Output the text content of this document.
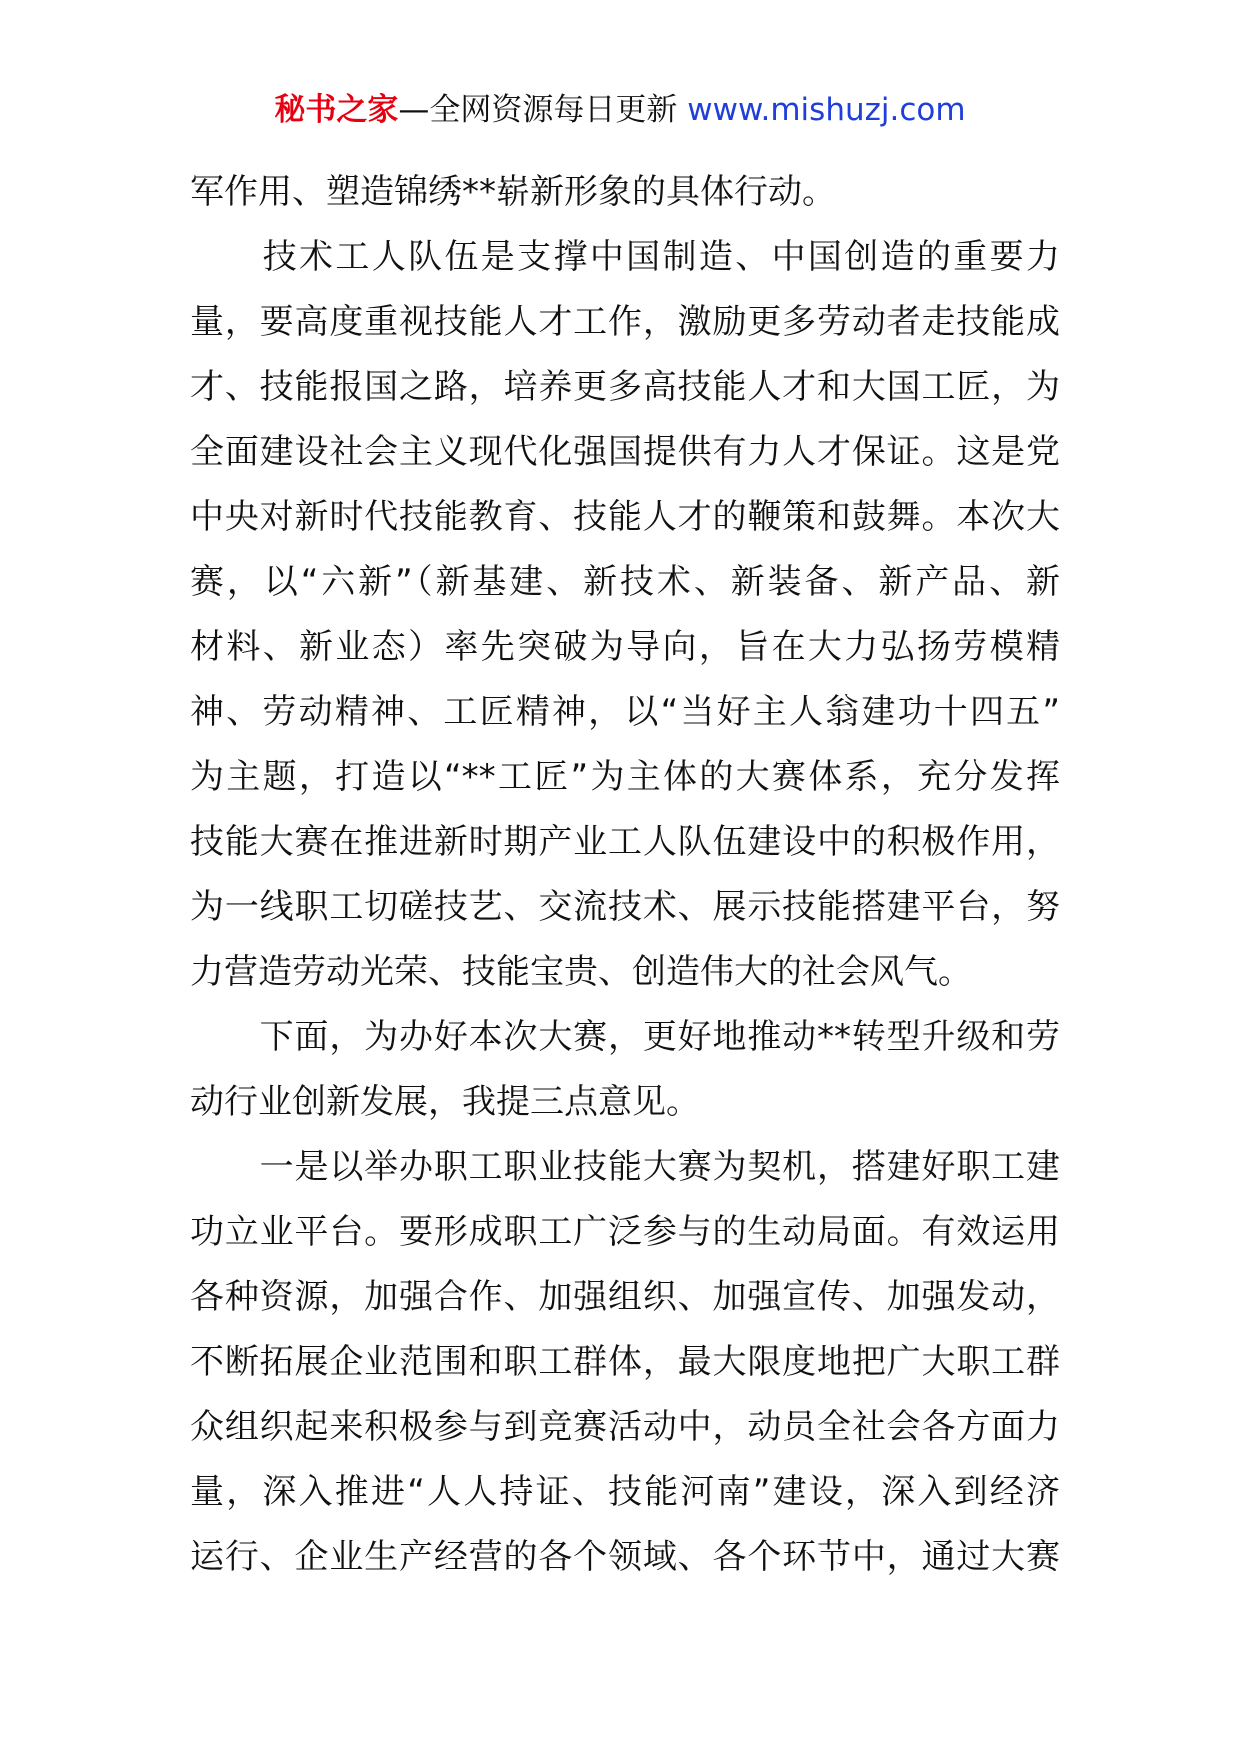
秘书之家—全网资源每日更新 www.mishuzj.com
军作用、塑造锦绣**崭新形象的具体行动。
　　技术工人队伍是支撑中国制造、中国创造的重要力
量，要高度重视技能人才工作，激励更多劳动者走技能成
才、技能报国之路，培养更多高技能人才和大国工匠，为
全面建设社会主义现代化强国提供有力人才保证。这是党
中央对新时代技能教育、技能人才的鞭策和鼓舞。本次大
赛，以“六新”（新基建、新技术、新装备、新产品、新
材料、新业态）率先突破为导向，旨在大力弘扬劳模精
神、劳动精神、工匠精神，以“当好主人翁建功十四五”
为主题，打造以“**工匠”为主体的大赛体系，充分发挥
技能大赛在推进新时期产业工人队伍建设中的积极作用，
为一线职工切磋技艺、交流技术、展示技能搭建平台，努
力营造劳动光荣、技能宝贵、创造伟大的社会风气。
　　下面，为办好本次大赛，更好地推动**转型升级和劳
动行业创新发展，我提三点意见。
　　一是以举办职工职业技能大赛为契机，搭建好职工建
功立业平台。要形成职工广泛参与的生动局面。有效运用
各种资源，加强合作、加强组织、加强宣传、加强发动，
不断拓展企业范围和职工群体，最大限度地把广大职工群
众组织起来积极参与到竞赛活动中，动员全社会各方面力
量，深入推进“人人持证、技能河南”建设，深入到经济
运行、企业生产经营的各个领域、各个环节中，通过大赛
